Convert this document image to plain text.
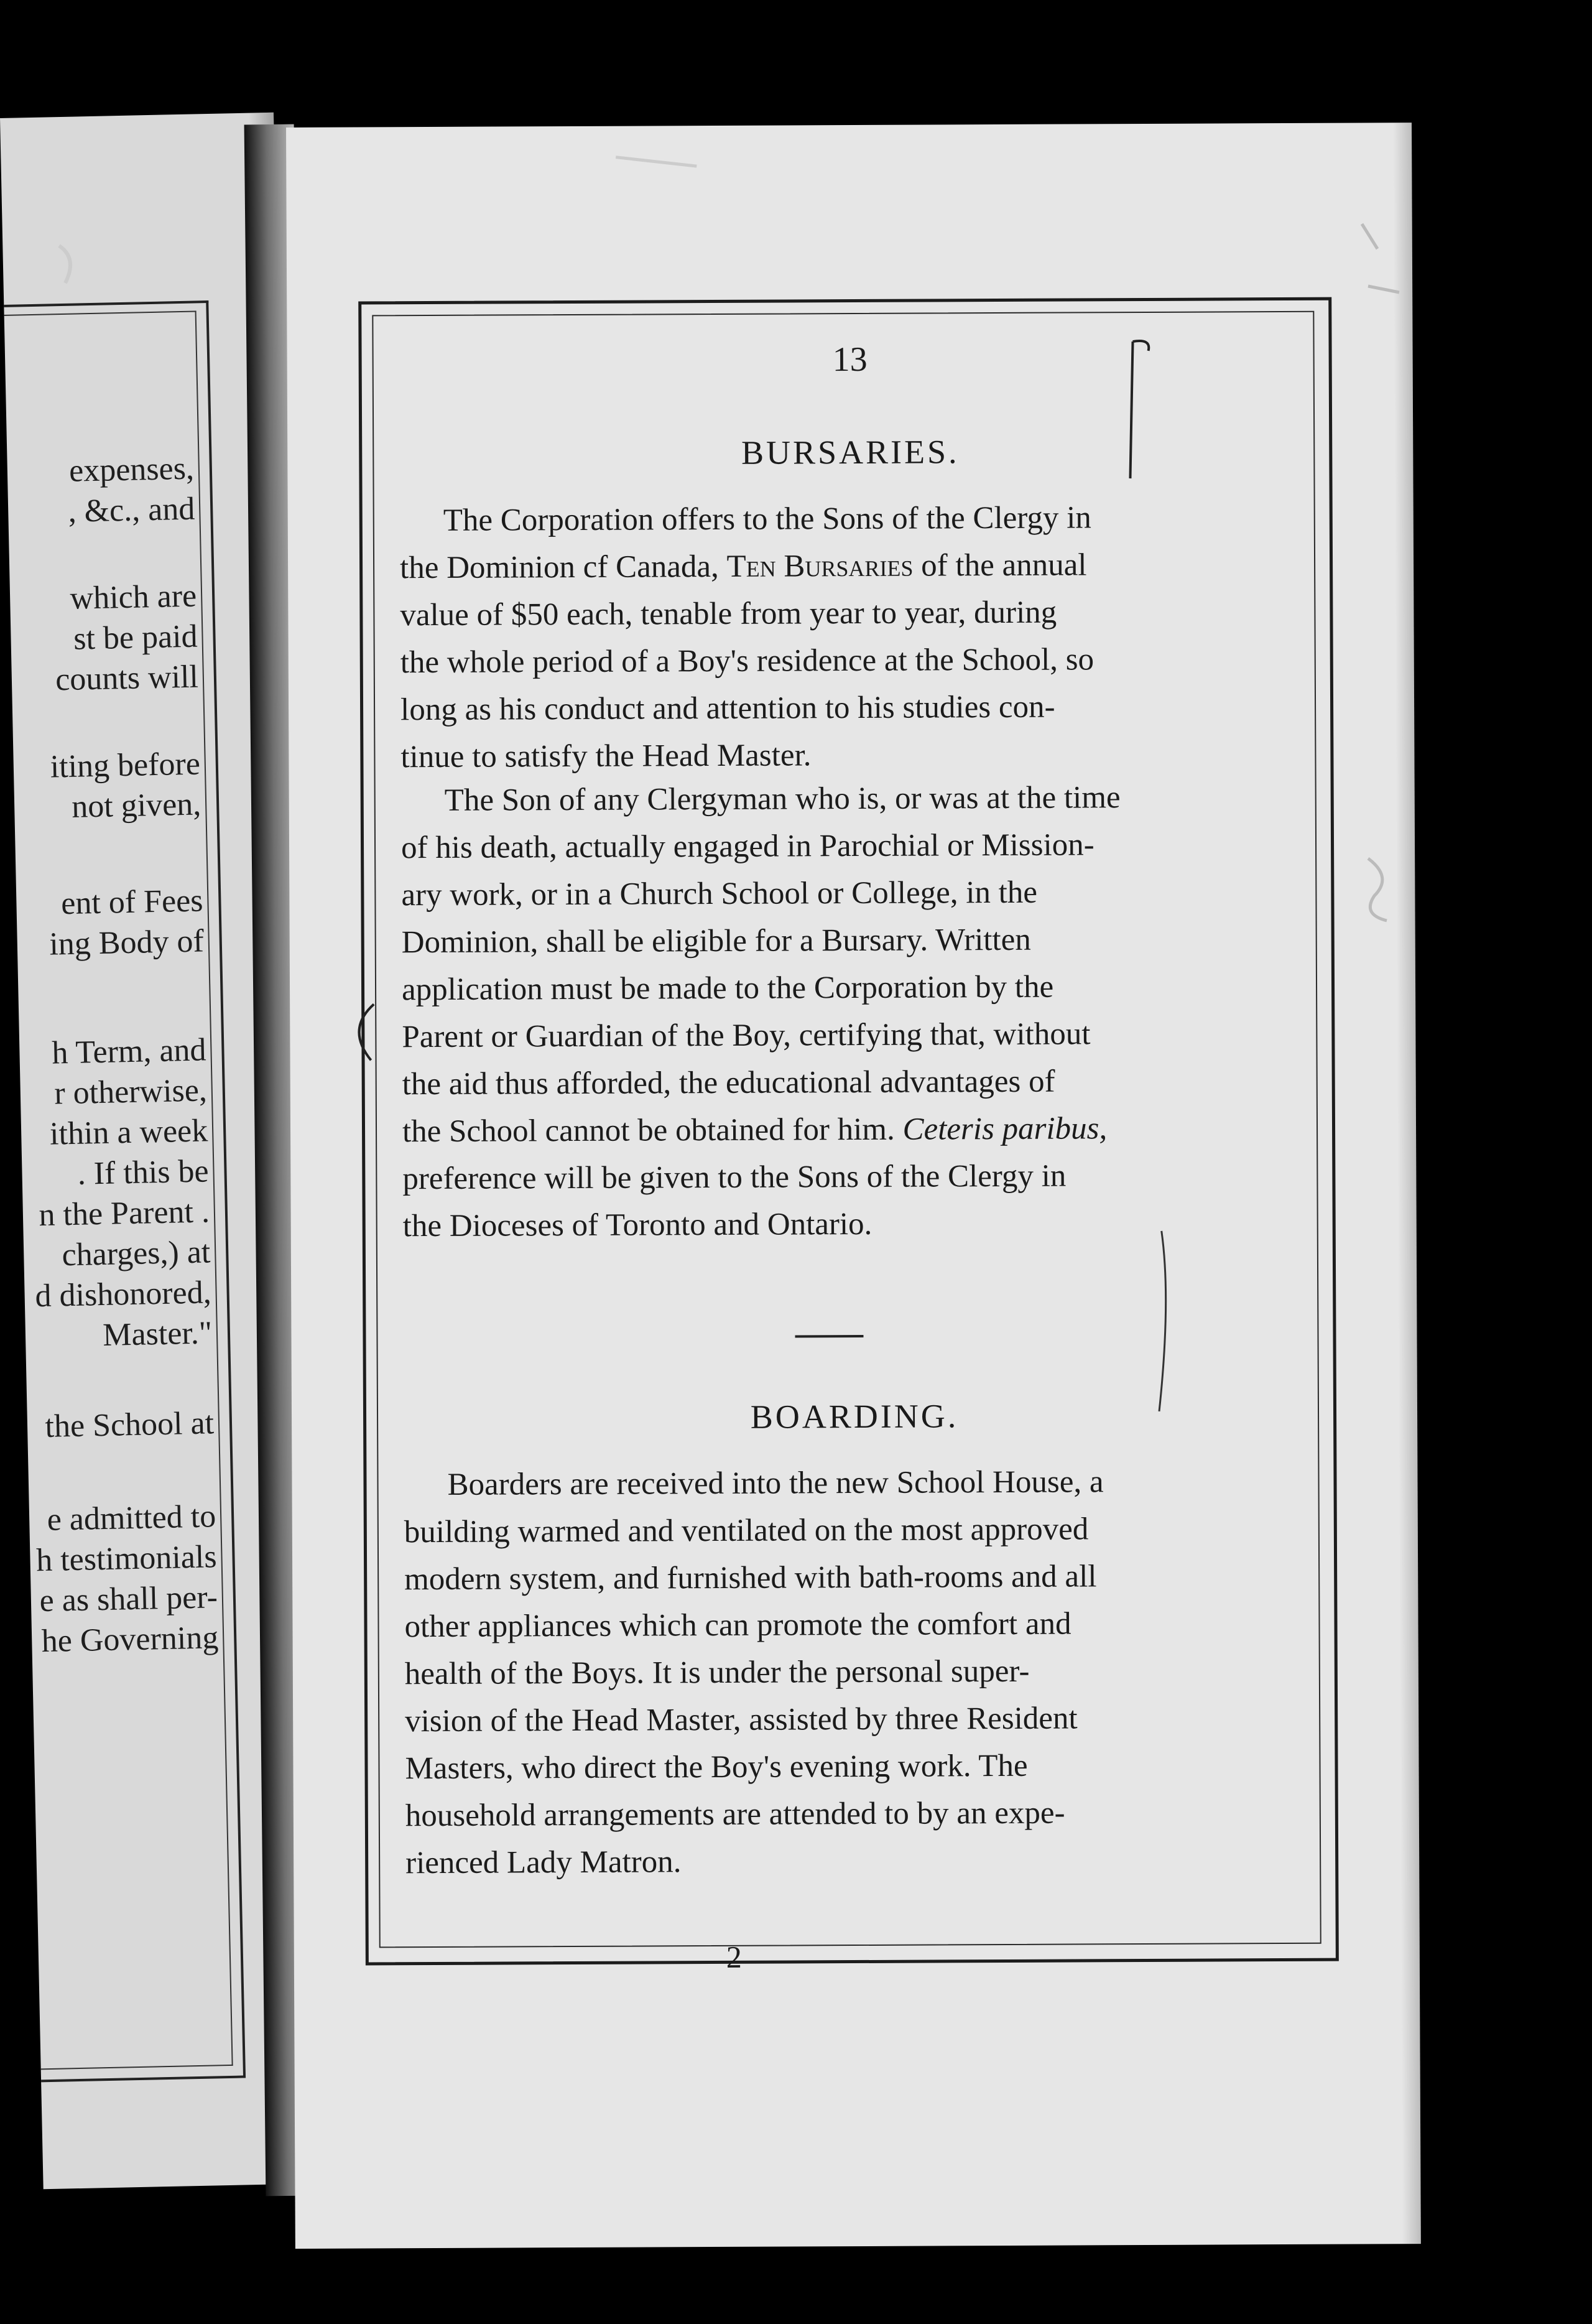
expenses,
, &c., and
which are
st be paid
counts will
iting before
not given,
ent of Fees
ing Body of
h Term, and
r otherwise,
ithin a week
. If this be
n the Parent .
charges,) at
d dishonored,
Master."
the School at
e admitted to
h testimonials
e as shall per-
he Governing
13
BURSARIES.
The Corporation offers to the Sons of the Clergy in
the Dominion cf Canada, Ten Bursaries of the annual
value of $50 each, tenable from year to year, during
the whole period of a Boy's residence at the School, so
long as his conduct and attention to his studies con-
tinue to satisfy the Head Master.
The Son of any Clergyman who is, or was at the time
of his death, actually engaged in Parochial or Mission-
ary work, or in a Church School or College, in the
Dominion, shall be eligible for a Bursary. Written
application must be made to the Corporation by the
Parent or Guardian of the Boy, certifying that, without
the aid thus afforded, the educational advantages of
the School cannot be obtained for him. Ceteris paribus,
preference will be given to the Sons of the Clergy in
the Dioceses of Toronto and Ontario.
BOARDING.
Boarders are received into the new School House, a
building warmed and ventilated on the most approved
modern system, and furnished with bath-rooms and all
other appliances which can promote the comfort and
health of the Boys. It is under the personal super-
vision of the Head Master, assisted by three Resident
Masters, who direct the Boy's evening work. The
household arrangements are attended to by an expe-
rienced Lady Matron.
2
